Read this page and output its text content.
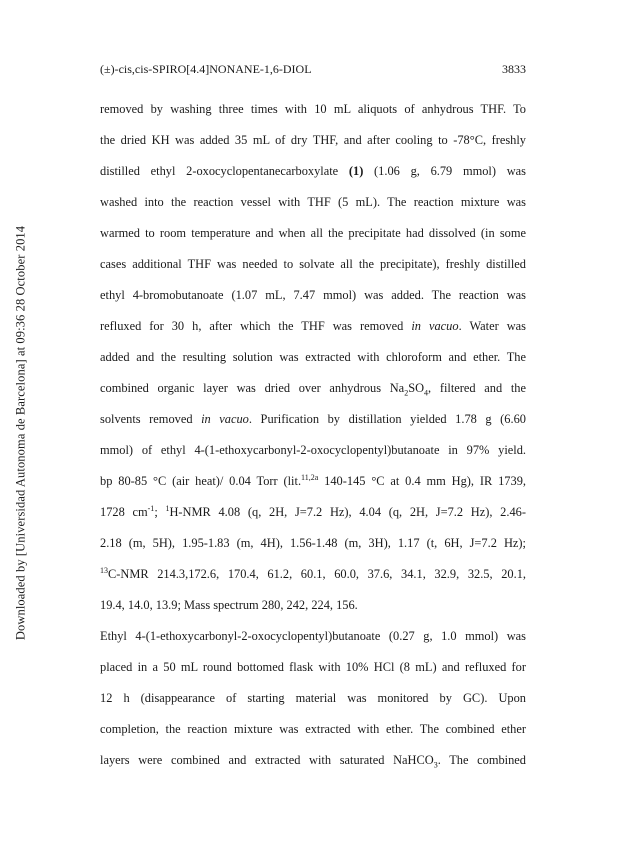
Downloaded by [Universidad Autonoma de Barcelona] at 09:36 28 October 2014
(±)-cis,cis-SPIRO[4.4]NONANE-1,6-DIOL	3833
removed by washing three times with 10 mL aliquots of anhydrous THF. To
the dried KH was added 35 mL of dry THF, and after cooling to -78°C, freshly
distilled ethyl 2-oxocyclopentanecarboxylate (1) (1.06 g, 6.79 mmol) was
washed into the reaction vessel with THF (5 mL). The reaction mixture was
warmed to room temperature and when all the precipitate had dissolved (in some
cases additional THF was needed to solvate all the precipitate), freshly distilled
ethyl 4-bromobutanoate (1.07 mL, 7.47 mmol) was added. The reaction was
refluxed for 30 h, after which the THF was removed in vacuo. Water was
added and the resulting solution was extracted with chloroform and ether. The
combined organic layer was dried over anhydrous $Na_2SO_4$, filtered and the
solvents removed in vacuo. Purification by distillation yielded 1.78 g (6.60
mmol) of ethyl 4-(1-ethoxycarbonyl-2-oxocyclopentyl)butanoate in 97% yield.
bp 80-85 °C (air heat)/ 0.04 Torr (lit.$^{11,2a}$ 140-145 °C at 0.4 mm Hg), IR 1739,
1728 $cm^{-1}$; $^1$H-NMR 4.08 (q, 2H, J=7.2 Hz), 4.04 (q, 2H, J=7.2 Hz), 2.46-
2.18 (m, 5H), 1.95-1.83 (m, 4H), 1.56-1.48 (m, 3H), 1.17 (t, 6H, J=7.2 Hz);
$^{13}$C-NMR 214.3,172.6, 170.4, 61.2, 60.1, 60.0, 37.6, 34.1, 32.9, 32.5, 20.1,
19.4, 14.0, 13.9; Mass spectrum 280, 242, 224, 156.
Ethyl 4-(1-ethoxycarbonyl-2-oxocyclopentyl)butanoate (0.27 g, 1.0 mmol) was
placed in a 50 mL round bottomed flask with 10% HCl (8 mL) and refluxed for
12 h (disappearance of starting material was monitored by GC). Upon
completion, the reaction mixture was extracted with ether. The combined ether
layers were combined and extracted with saturated NaHCO$_3$. The combined
